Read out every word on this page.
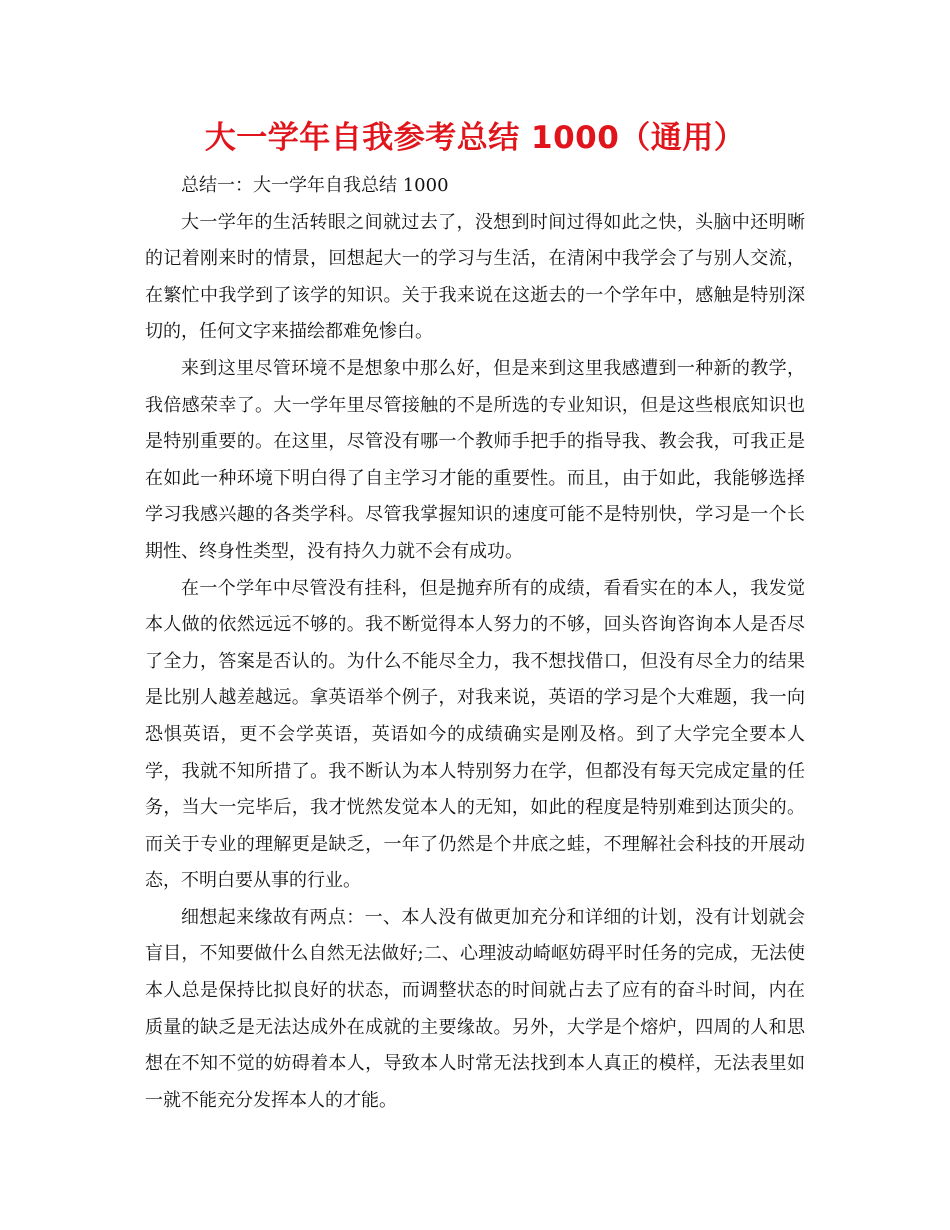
大一学年自我参考总结 1000（通用）

总结一：大一学年自我总结 1000

大一学年的生活转眼之间就过去了，没想到时间过得如此之快，头脑中还明晰的记着刚来时的情景，回想起大一的学习与生活，在清闲中我学会了与别人交流，在繁忙中我学到了该学的知识。关于我来说在这逝去的一个学年中，感触是特别深切的，任何文字来描绘都难免惨白。

来到这里尽管环境不是想象中那么好，但是来到这里我感遭到一种新的教学，我倍感荣幸了。大一学年里尽管接触的不是所选的专业知识，但是这些根底知识也是特别重要的。在这里，尽管没有哪一个教师手把手的指导我、教会我，可我正是在如此一种环境下明白得了自主学习才能的重要性。而且，由于如此，我能够选择学习我感兴趣的各类学科。尽管我掌握知识的速度可能不是特别快，学习是一个长期性、终身性类型，没有持久力就不会有成功。

在一个学年中尽管没有挂科，但是抛弃所有的成绩，看看实在的本人，我发觉本人做的依然远远不够的。我不断觉得本人努力的不够，回头咨询咨询本人是否尽了全力，答案是否认的。为什么不能尽全力，我不想找借口，但没有尽全力的结果是比别人越差越远。拿英语举个例子，对我来说，英语的学习是个大难题，我一向恐惧英语，更不会学英语，英语如今的成绩确实是刚及格。到了大学完全要本人学，我就不知所措了。我不断认为本人特别努力在学，但都没有每天完成定量的任务，当大一完毕后，我才恍然发觉本人的无知，如此的程度是特别难到达顶尖的。而关于专业的理解更是缺乏，一年了仍然是个井底之蛙，不理解社会科技的开展动态，不明白要从事的行业。

细想起来缘故有两点：一、本人没有做更加充分和详细的计划，没有计划就会盲目，不知要做什么自然无法做好;二、心理波动崎岖妨碍平时任务的完成，无法使本人总是保持比拟良好的状态，而调整状态的时间就占去了应有的奋斗时间，内在质量的缺乏是无法达成外在成就的主要缘故。另外，大学是个熔炉，四周的人和思想在不知不觉的妨碍着本人，导致本人时常无法找到本人真正的模样，无法表里如一就不能充分发挥本人的才能。
